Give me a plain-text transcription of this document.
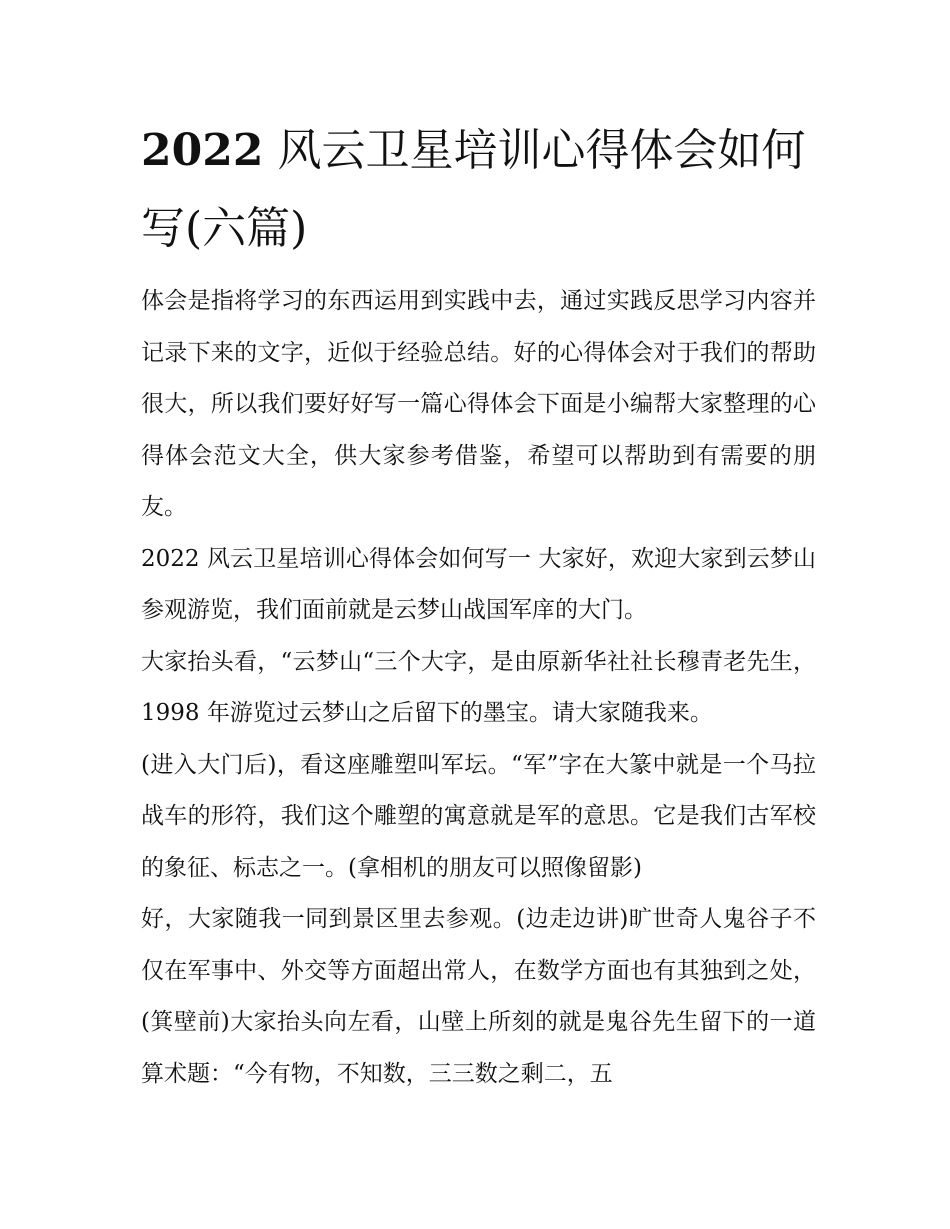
2022 风云卫星培训心得体会如何写(六篇)

体会是指将学习的东西运用到实践中去，通过实践反思学习内容并记录下来的文字，近似于经验总结。好的心得体会对于我们的帮助很大，所以我们要好好写一篇心得体会下面是小编帮大家整理的心得体会范文大全，供大家参考借鉴，希望可以帮助到有需要的朋友。

2022 风云卫星培训心得体会如何写一 大家好，欢迎大家到云梦山参观游览，我们面前就是云梦山战国军庠的大门。

大家抬头看，“云梦山“三个大字，是由原新华社社长穆青老先生，1998 年游览过云梦山之后留下的墨宝。请大家随我来。

(进入大门后)，看这座雕塑叫军坛。“军”字在大篆中就是一个马拉战车的形符，我们这个雕塑的寓意就是军的意思。它是我们古军校的象征、标志之一。(拿相机的朋友可以照像留影)

好，大家随我一同到景区里去参观。(边走边讲)旷世奇人鬼谷子不仅在军事中、外交等方面超出常人，在数学方面也有其独到之处，(箕壁前)大家抬头向左看，山壁上所刻的就是鬼谷先生留下的一道算术题：“今有物，不知数，三三数之剩二，五
